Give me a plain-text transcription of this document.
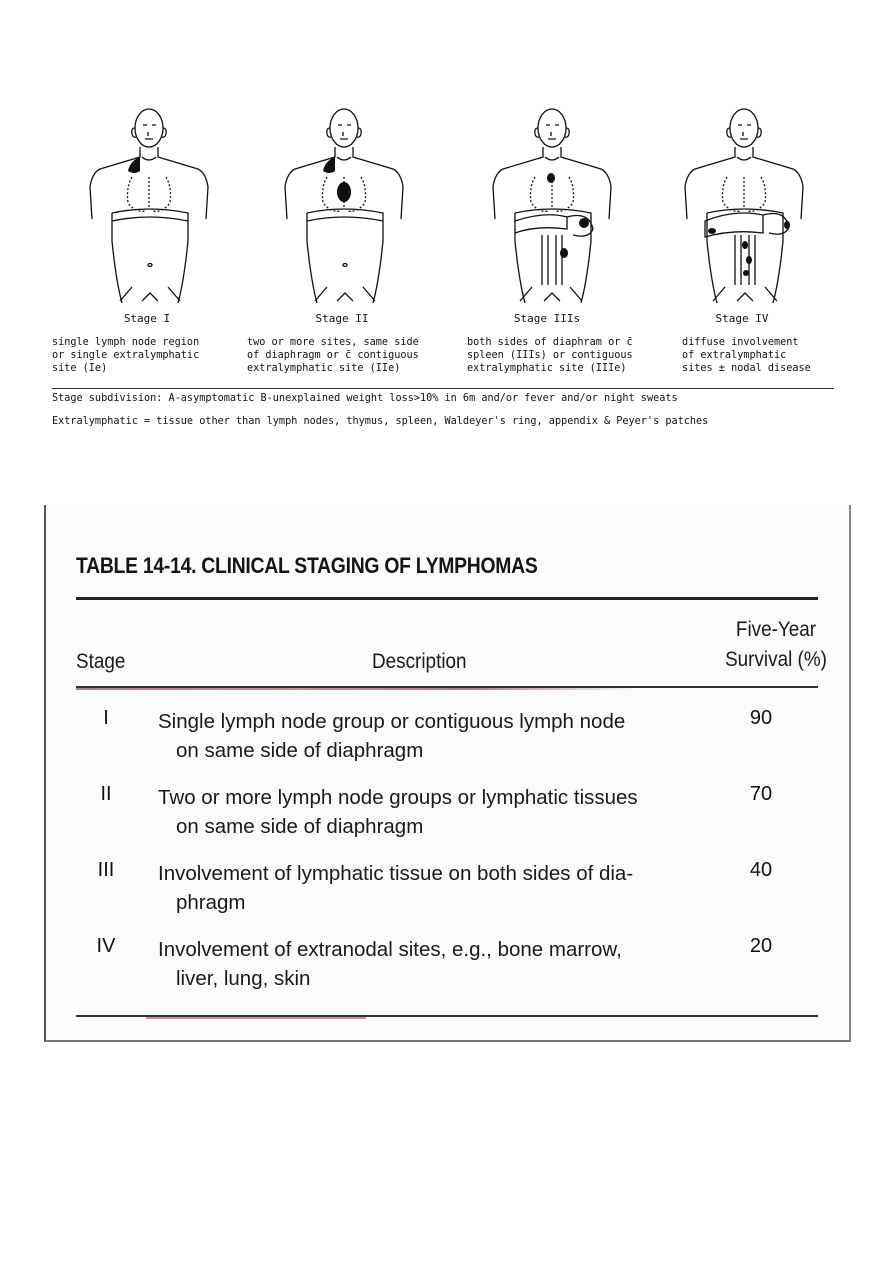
Stage I
single lymph node region
or single extralymphatic
site (Ie)
Stage II
two or more sites, same side
of diaphragm or c̄ contiguous
extralymphatic site (IIe)
Stage IIIs
both sides of diaphram or c̄
spleen (IIIs) or contiguous
extralymphatic site (IIIe)
Stage IV
diffuse involvement
of extralymphatic
sites ± nodal disease
Stage subdivision: A-asymptomatic B-unexplained weight loss>10% in 6m and/or fever and/or night sweats
Extralymphatic = tissue other than lymph nodes, thymus, spleen, Waldeyer's ring, appendix & Peyer's patches
TABLE 14-14. CLINICAL STAGING OF LYMPHOMAS
Stage	Description
Five-Year
Survival (%)
I	Single lymph node group or contiguous lymph node
on same side of diaphragm
90
II	Two or more lymph node groups or lymphatic tissues
on same side of diaphragm
70
III	Involvement of lymphatic tissue on both sides of dia-
phragm
40
IV	Involvement of extranodal sites, e.g., bone marrow,
liver, lung, skin
20
